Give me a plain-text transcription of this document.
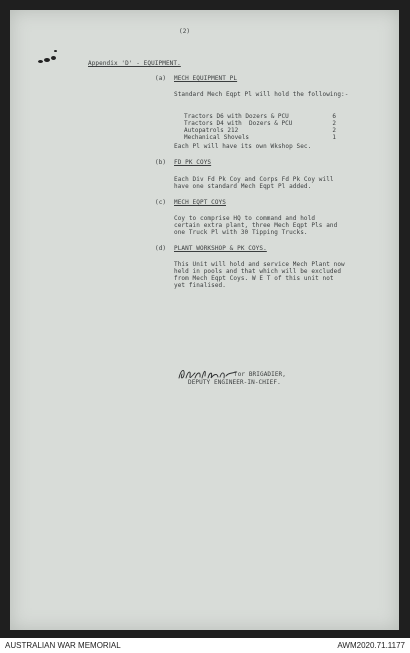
(2)
Appendix 'D' - EQUIPMENT.
(a) MECH EQUIPMENT PL
Standard Mech Eqpt Pl will hold the following:-
Tractors D6 with Dozers & PCU	6
Tractors D4 with  Dozers & PCU	2
Autopatrols 212	2
Mechanical Shovels	1
Each Pl will have its own Wkshop Sec.
(b) FD PK COYS
Each Div Fd Pk Coy and Corps Fd Pk Coy will
have one standard Mech Eqpt Pl added.
(c) MECH EQPT COYS
Coy to comprise HQ to command and hold
certain extra plant, three Mech Eqpt Pls and
one Truck Pl with 30 Tipping Trucks.
(d) PLANT WORKSHOP & PK COYS.
This Unit will hold and service Mech Plant now
held in pools and that which will be excluded
from Mech Eqpt Coys. W E T of this unit not
yet finalised.
for BRIGADIER,
DEPUTY ENGINEER-IN-CHIEF.
AUSTRALIAN WAR MEMORIAL	AWM2020.71.1177
